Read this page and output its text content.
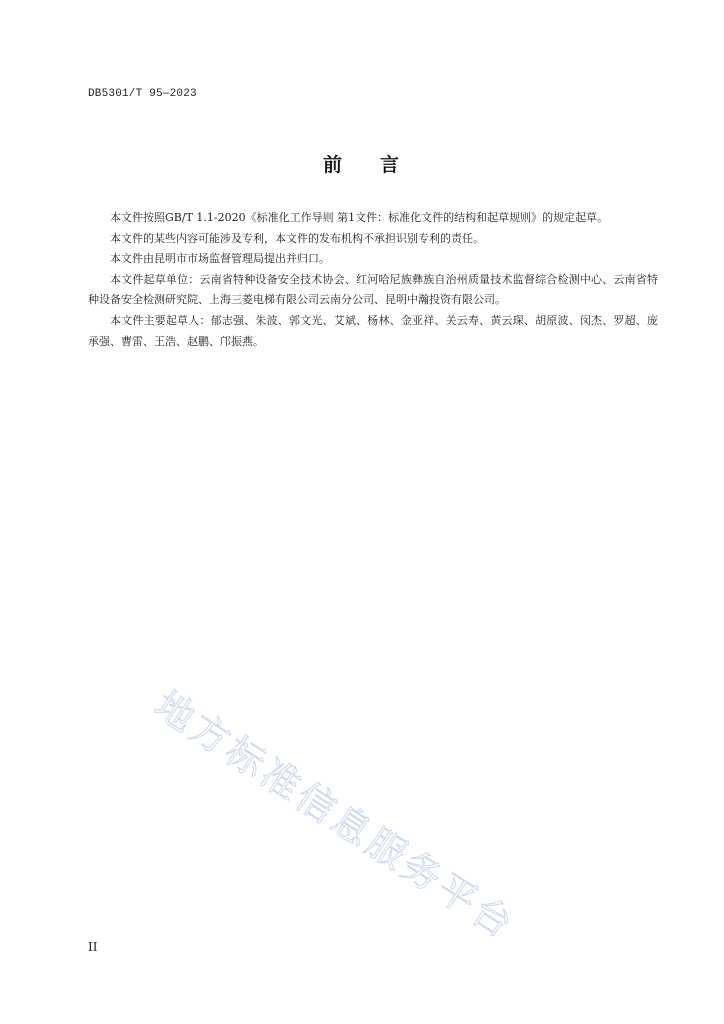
DB5301/T 95—2023
前 言

本文件按照GB/T 1.1-2020《标准化工作导则 第1文件：标准化文件的结构和起草规则》的规定起草。

本文件的某些内容可能涉及专利，本文件的发布机构不承担识别专利的责任。

本文件由昆明市市场监督管理局提出并归口。

本文件起草单位：云南省特种设备安全技术协会、红河哈尼族彝族自治州质量技术监督综合检测中心、云南省特种设备安全检测研究院、上海三菱电梯有限公司云南分公司、昆明中瀚投资有限公司。

本文件主要起草人：郁志强、朱波、郭文光、艾斌、杨林、金亚祥、关云寿、黄云琛、胡原波、闵杰、罗超、庞承强、曹雷、王浩、赵鹏、邝振燕。

地方标准信息服务平台
II
